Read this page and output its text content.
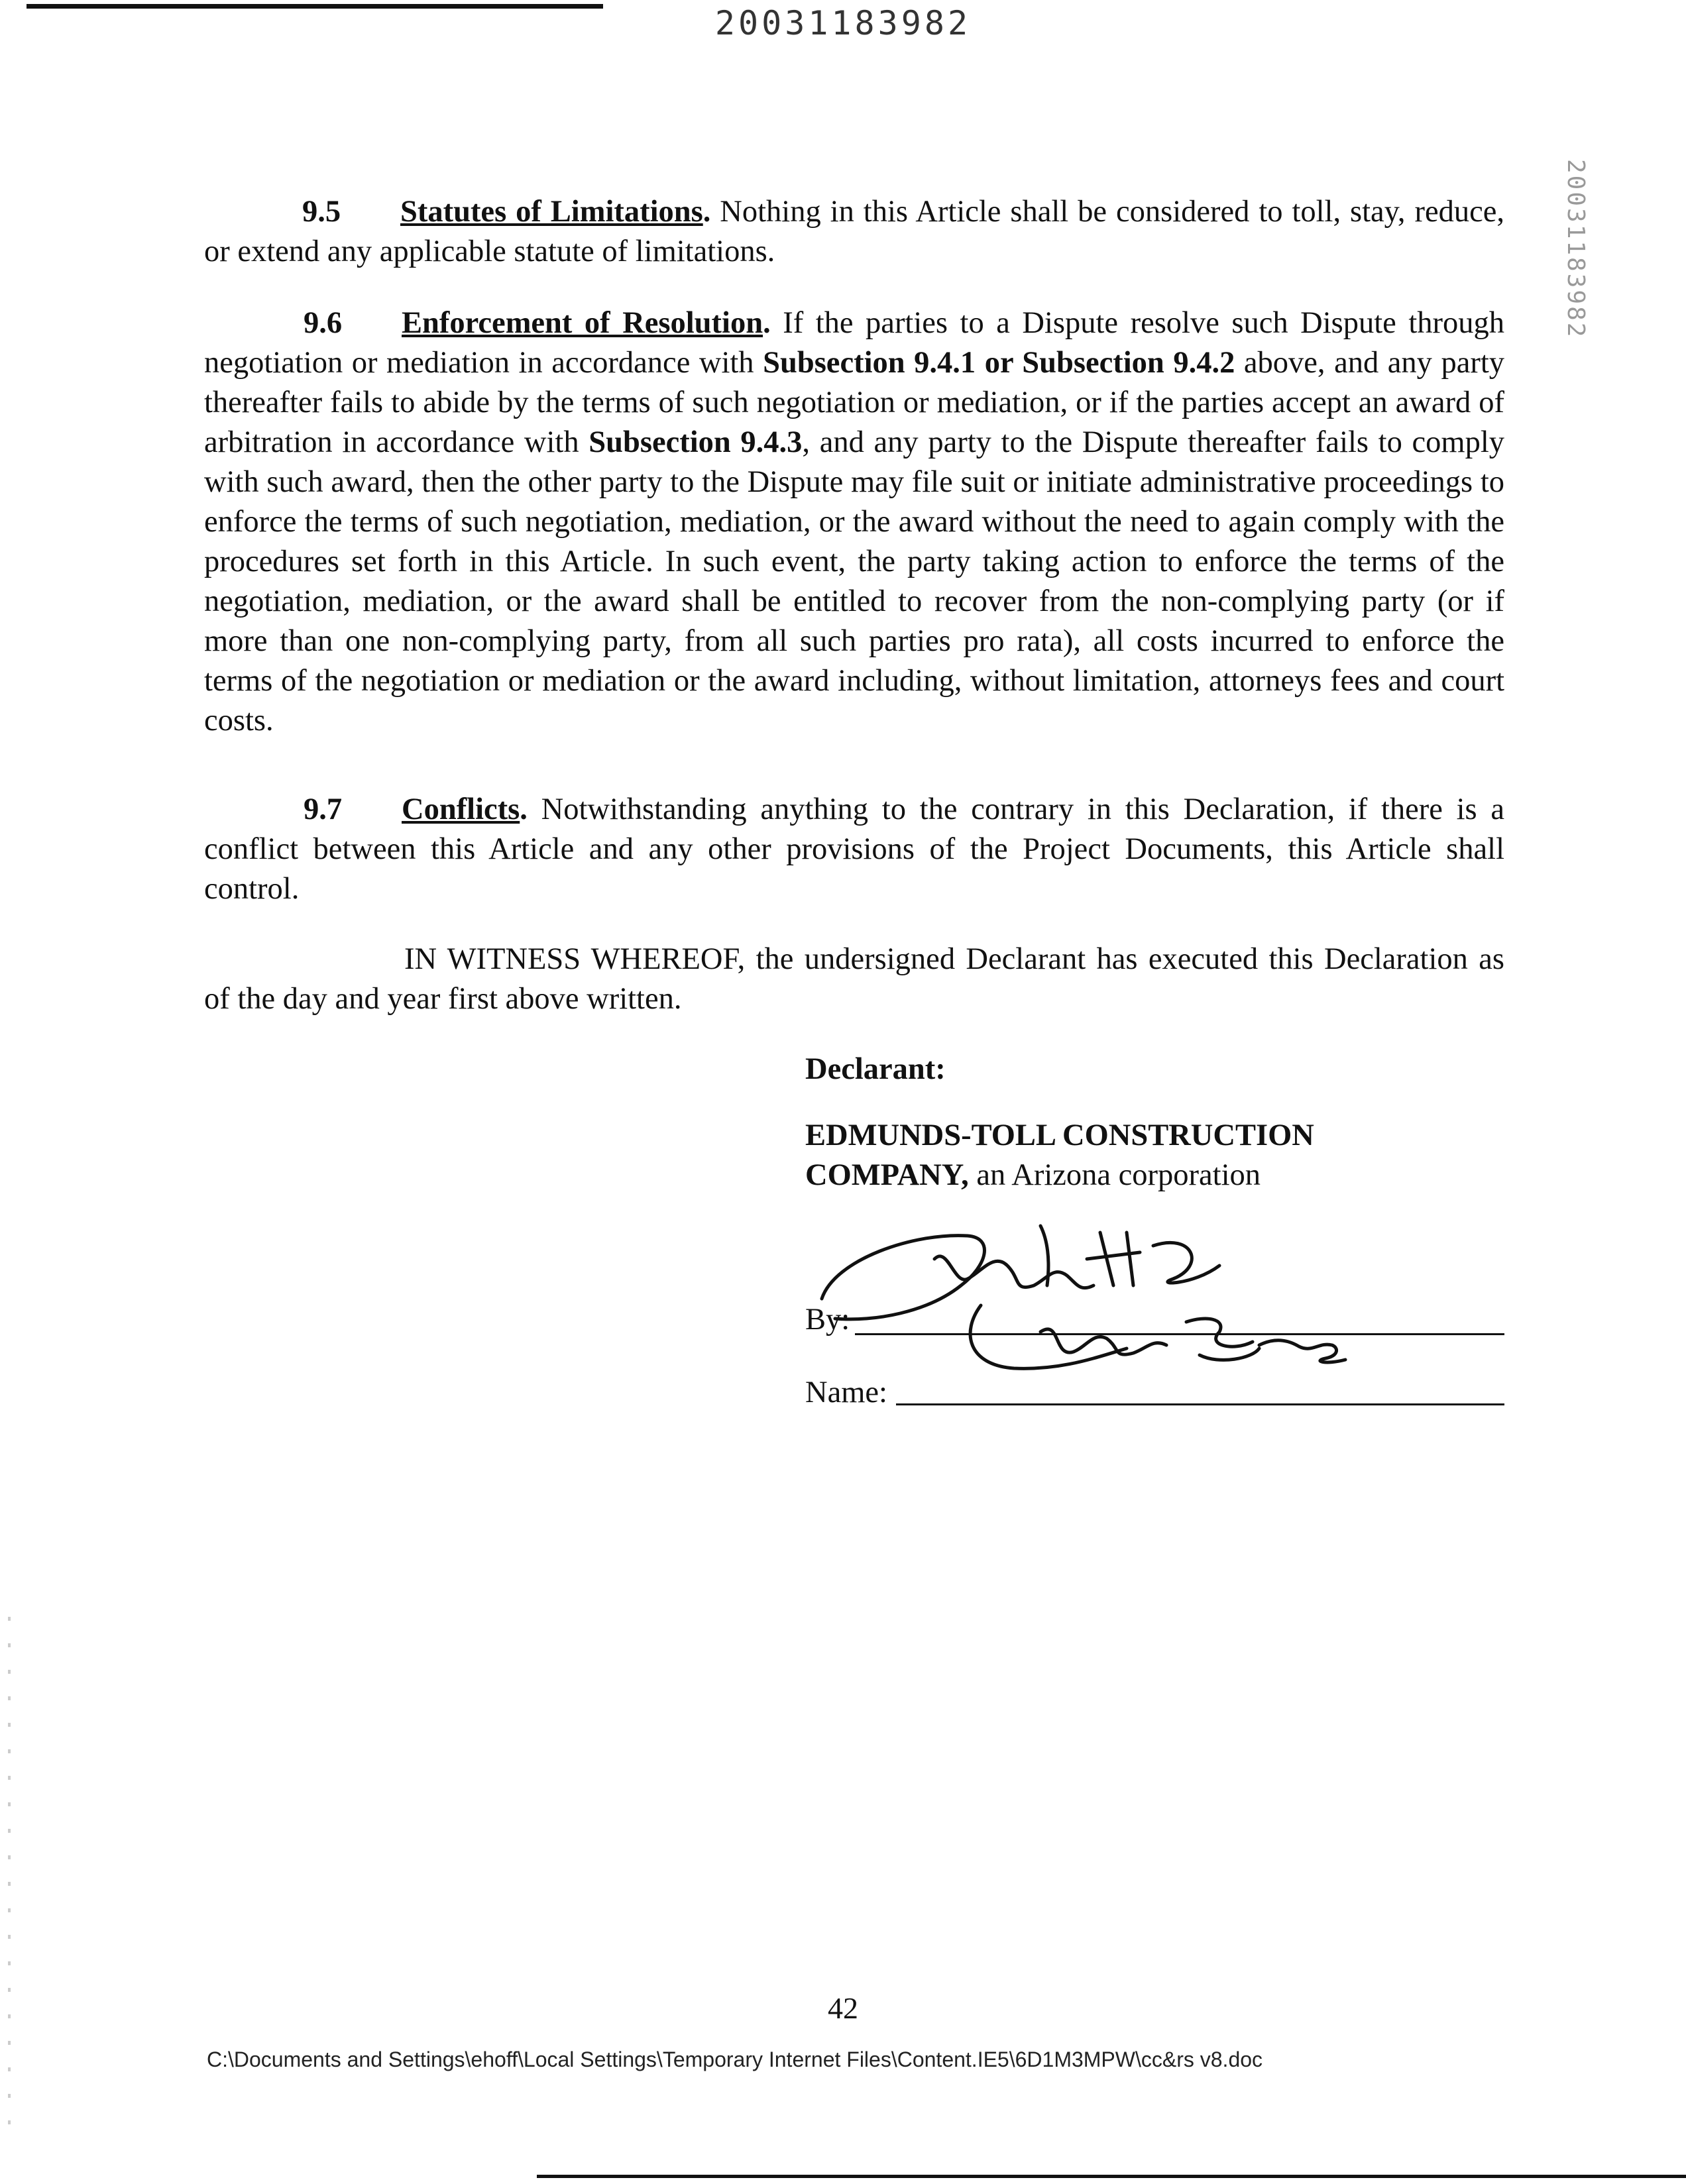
20031183982
20031183982
9.5 Statutes of Limitations. Nothing in this Article shall be considered to toll, stay, reduce, or extend any applicable statute of limitations.
9.6 Enforcement of Resolution. If the parties to a Dispute resolve such Dispute through negotiation or mediation in accordance with Subsection 9.4.1 or Subsection 9.4.2 above, and any party thereafter fails to abide by the terms of such negotiation or mediation, or if the parties accept an award of arbitration in accordance with Subsection 9.4.3, and any party to the Dispute thereafter fails to comply with such award, then the other party to the Dispute may file suit or initiate administrative proceedings to enforce the terms of such negotiation, mediation, or the award without the need to again comply with the procedures set forth in this Article. In such event, the party taking action to enforce the terms of the negotiation, mediation, or the award shall be entitled to recover from the non-complying party (or if more than one non-complying party, from all such parties pro rata), all costs incurred to enforce the terms of the negotiation or mediation or the award including, without limitation, attorneys fees and court costs.
9.7 Conflicts. Notwithstanding anything to the contrary in this Declaration, if there is a conflict between this Article and any other provisions of the Project Documents, this Article shall control.
IN WITNESS WHEREOF, the undersigned Declarant has executed this Declaration as of the day and year first above written.
Declarant:
EDMUNDS-TOLL CONSTRUCTION
COMPANY, an Arizona corporation
By:
Name:
42
C:\Documents and Settings\ehoff\Local Settings\Temporary Internet Files\Content.IE5\6D1M3MPW\cc&rs v8.doc
